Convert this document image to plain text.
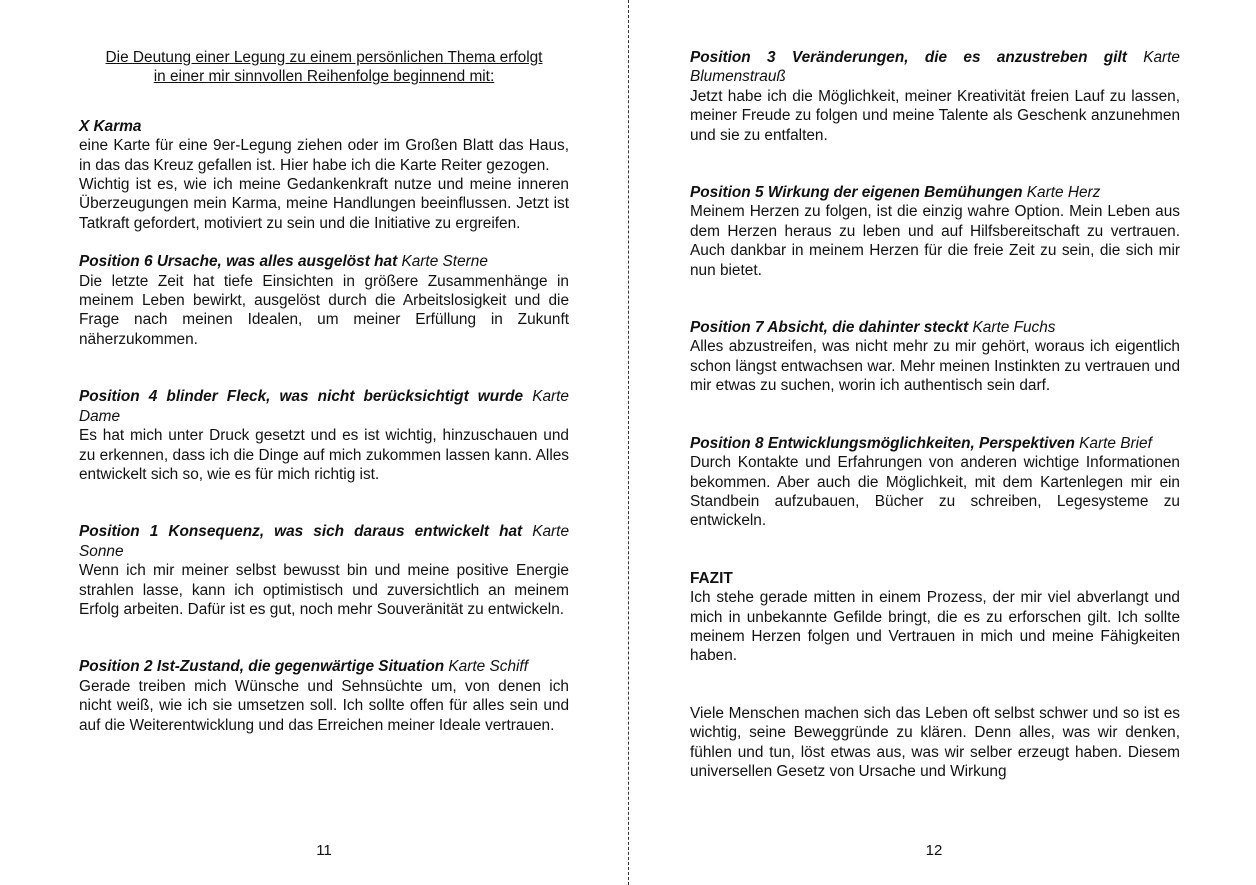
Die Deutung einer Legung zu einem persönlichen Thema erfolgt
in einer mir sinnvollen Reihenfolge beginnend mit:
X Karma

eine Karte für eine 9er-Legung ziehen oder im Großen Blatt das Haus, in das das Kreuz gefallen ist. Hier habe ich die Karte Reiter gezogen.

Wichtig ist es, wie ich meine Gedankenkraft nutze und meine inneren Überzeugungen mein Karma, meine Handlungen beeinflussen. Jetzt ist Tatkraft gefordert, motiviert zu sein und die Initiative zu ergreifen.

Position 6 Ursache, was alles ausgelöst hat Karte Sterne

Die letzte Zeit hat tiefe Einsichten in größere Zusammenhänge in meinem Leben bewirkt, ausgelöst durch die Arbeitslosigkeit und die Frage nach meinen Idealen, um meiner Erfüllung in Zukunft näherzukommen.

Position 4 blinder Fleck, was nicht berücksichtigt wurde Karte Dame

Es hat mich unter Druck gesetzt und es ist wichtig, hinzuschauen und zu erkennen, dass ich die Dinge auf mich zukommen lassen kann. Alles entwickelt sich so, wie es für mich richtig ist.

Position 1 Konsequenz, was sich daraus entwickelt hat Karte Sonne

Wenn ich mir meiner selbst bewusst bin und meine positive Energie strahlen lasse, kann ich optimistisch und zuversichtlich an meinem Erfolg arbeiten. Dafür ist es gut, noch mehr Souveränität zu entwickeln.

Position 2 Ist-Zustand, die gegenwärtige Situation Karte Schiff

Gerade treiben mich Wünsche und Sehnsüchte um, von denen ich nicht weiß, wie ich sie umsetzen soll. Ich sollte offen für alles sein und auf die Weiterentwicklung und das Erreichen meiner Ideale vertrauen.

11
Position 3 Veränderungen, die es anzustreben gilt Karte Blumenstrauß

Jetzt habe ich die Möglichkeit, meiner Kreativität freien Lauf zu lassen, meiner Freude zu folgen und meine Talente als Geschenk anzunehmen und sie zu entfalten.

Position 5 Wirkung der eigenen Bemühungen Karte Herz

Meinem Herzen zu folgen, ist die einzig wahre Option. Mein Leben aus dem Herzen heraus zu leben und auf Hilfsbereitschaft zu vertrauen. Auch dankbar in meinem Herzen für die freie Zeit zu sein, die sich mir nun bietet.

Position 7 Absicht, die dahinter steckt Karte Fuchs

Alles abzustreifen, was nicht mehr zu mir gehört, woraus ich eigentlich schon längst entwachsen war. Mehr meinen Instinkten zu vertrauen und mir etwas zu suchen, worin ich authentisch sein darf.

Position 8 Entwicklungsmöglichkeiten, Perspektiven Karte Brief

Durch Kontakte und Erfahrungen von anderen wichtige Informationen bekommen. Aber auch die Möglichkeit, mit dem Kartenlegen mir ein Standbein aufzubauen, Bücher zu schreiben, Legesysteme zu entwickeln.

FAZIT

Ich stehe gerade mitten in einem Prozess, der mir viel abverlangt und mich in unbekannte Gefilde bringt, die es zu erforschen gilt. Ich sollte meinem Herzen folgen und Vertrauen in mich und meine Fähigkeiten haben.

Viele Menschen machen sich das Leben oft selbst schwer und so ist es wichtig, seine Beweggründe zu klären. Denn alles, was wir denken, fühlen und tun, löst etwas aus, was wir selber erzeugt haben. Diesem universellen Gesetz von Ursache und Wirkung

12
